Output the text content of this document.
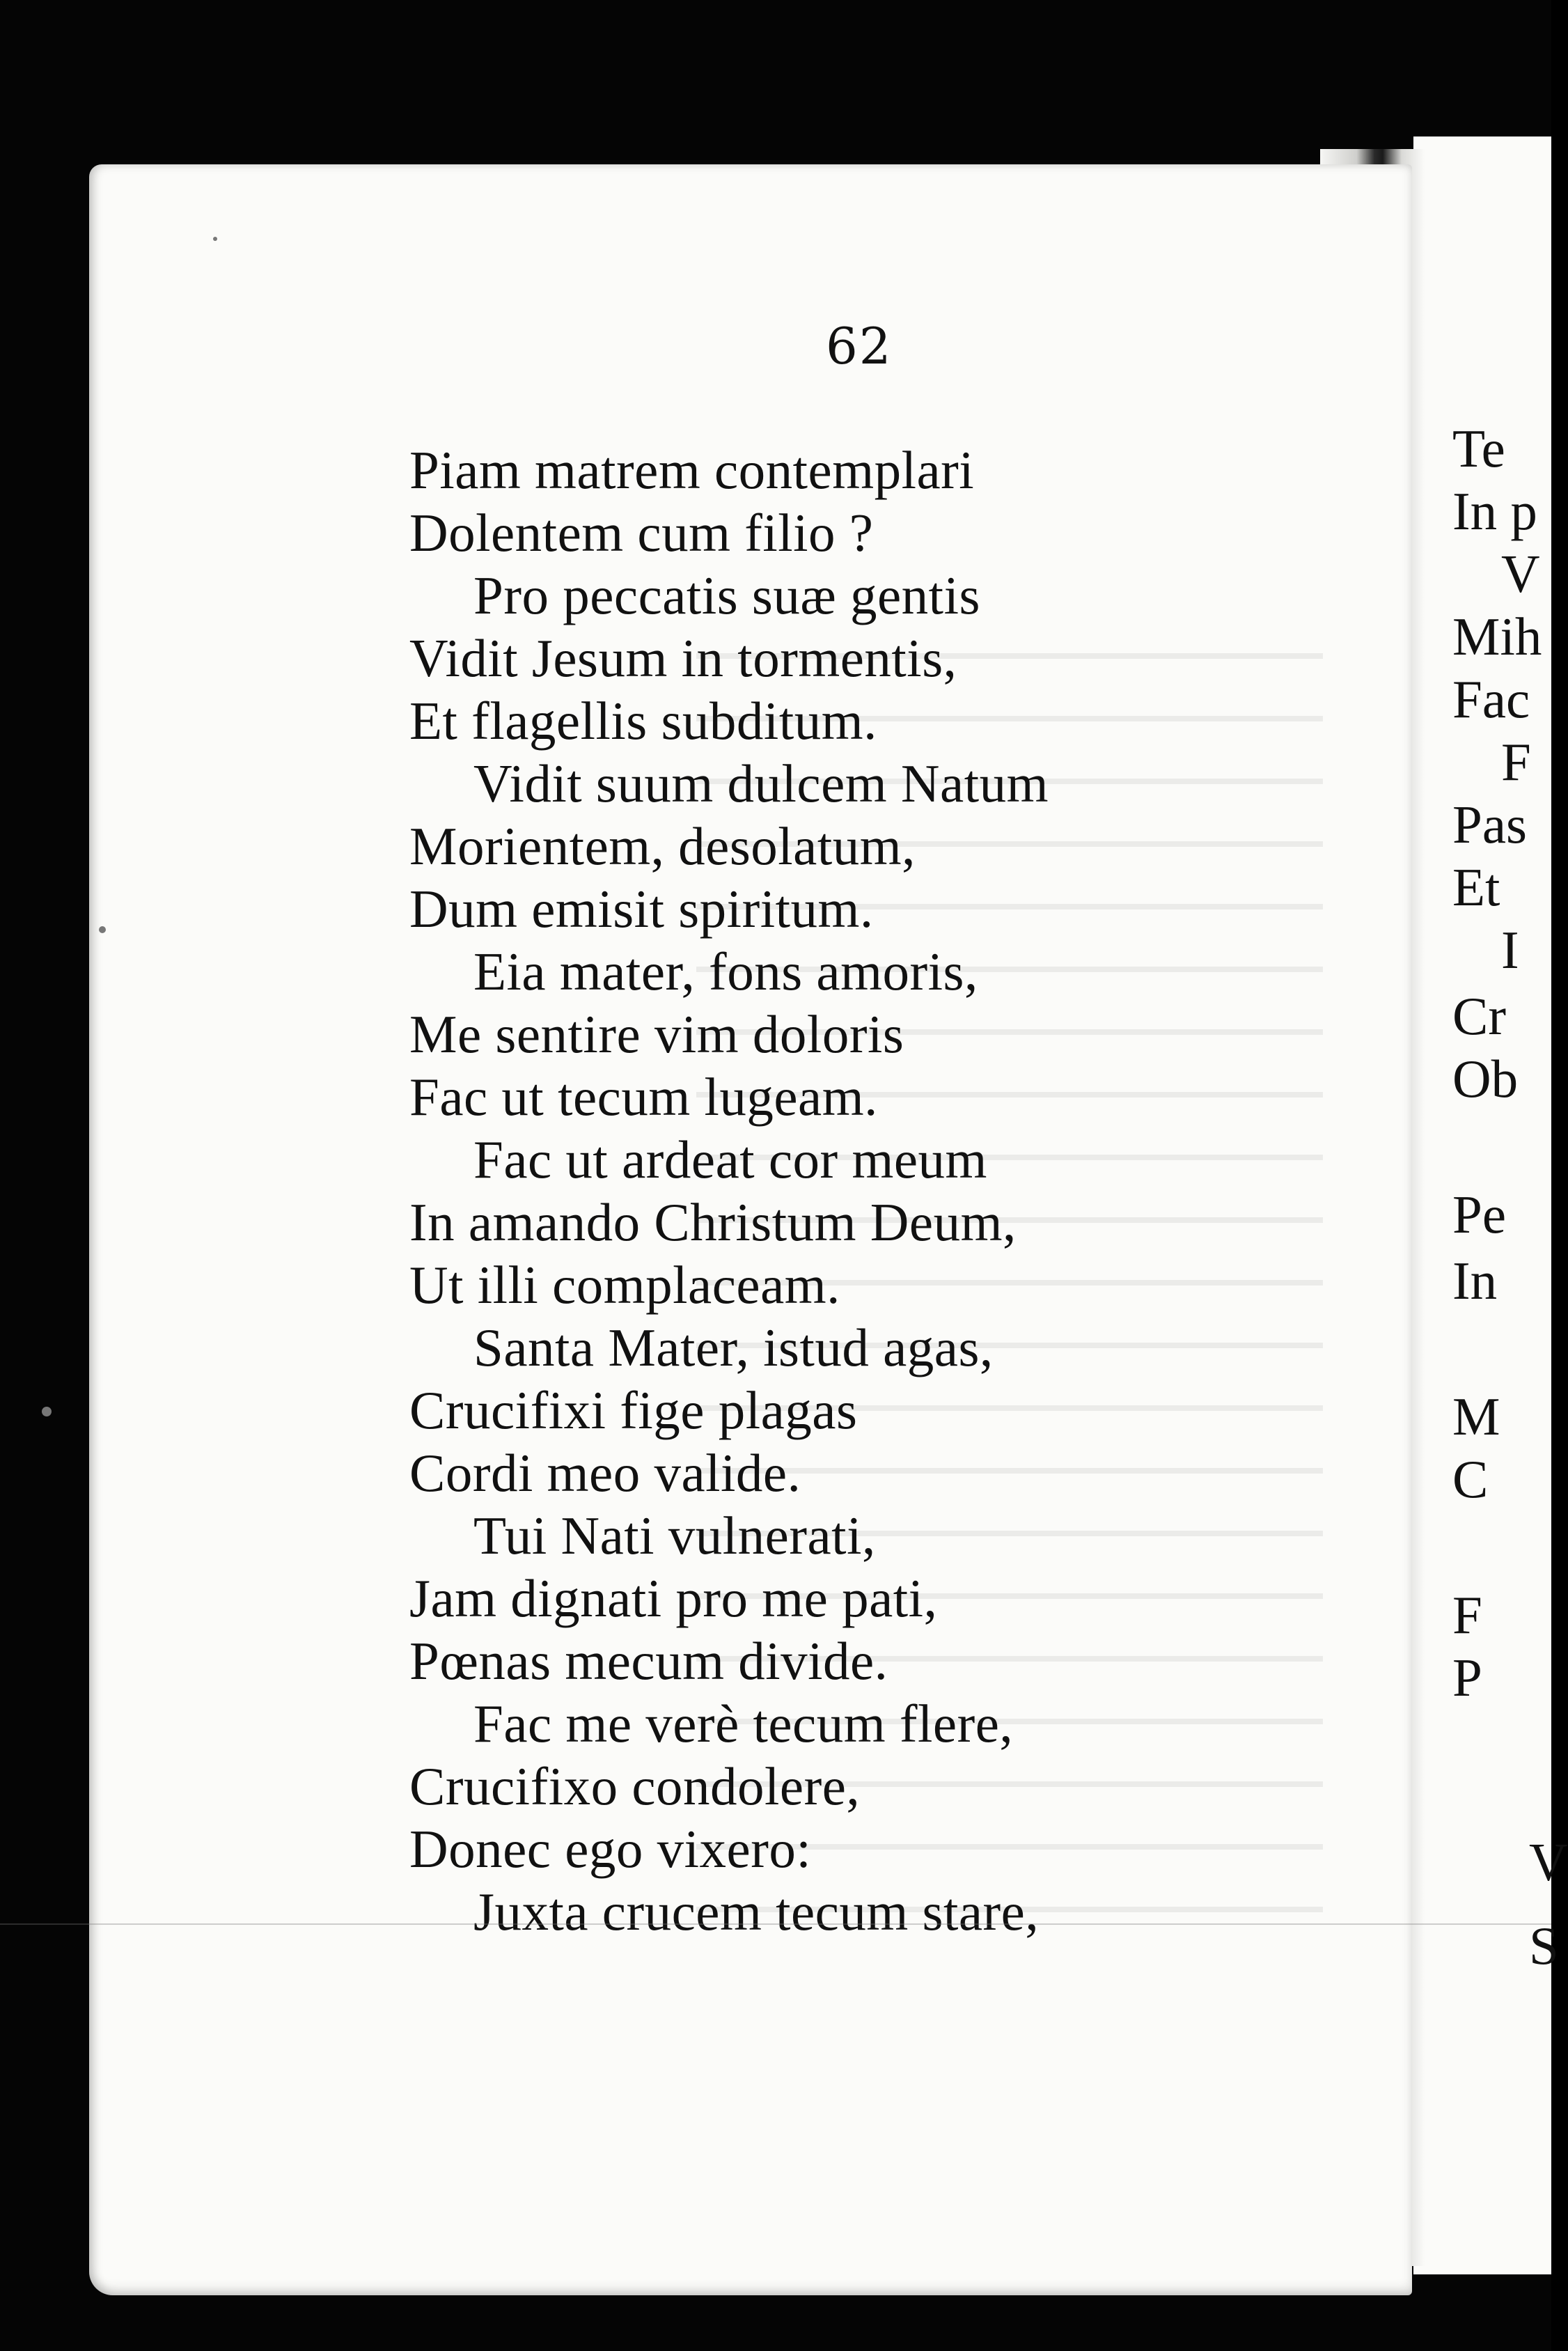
62
Piam matrem contemplari
Dolentem cum filio ?
Pro peccatis suæ gentis
Vidit Jesum in tormentis,
Et flagellis subditum.
Vidit suum dulcem Natum
Morientem, desolatum,
Dum emisit spiritum.
Eia mater, fons amoris,
Me sentire vim doloris
Fac ut tecum lugeam.
Fac ut ardeat cor meum
In amando Christum Deum,
Ut illi complaceam.
Santa Mater, istud agas,
Crucifixi fige plagas
Cordi meo valide.
Tui Nati vulnerati,
Jam dignati pro me pati,
Pœnas mecum divide.
Fac me verè tecum flere,
Crucifixo condolere,
Donec ego vixero:
Juxta crucem tecum stare,
Te
In p
V
Mih
Fac
F
Pas
Et
I
Cr
Ob
Pe
In
M
C
F
P
V
S
